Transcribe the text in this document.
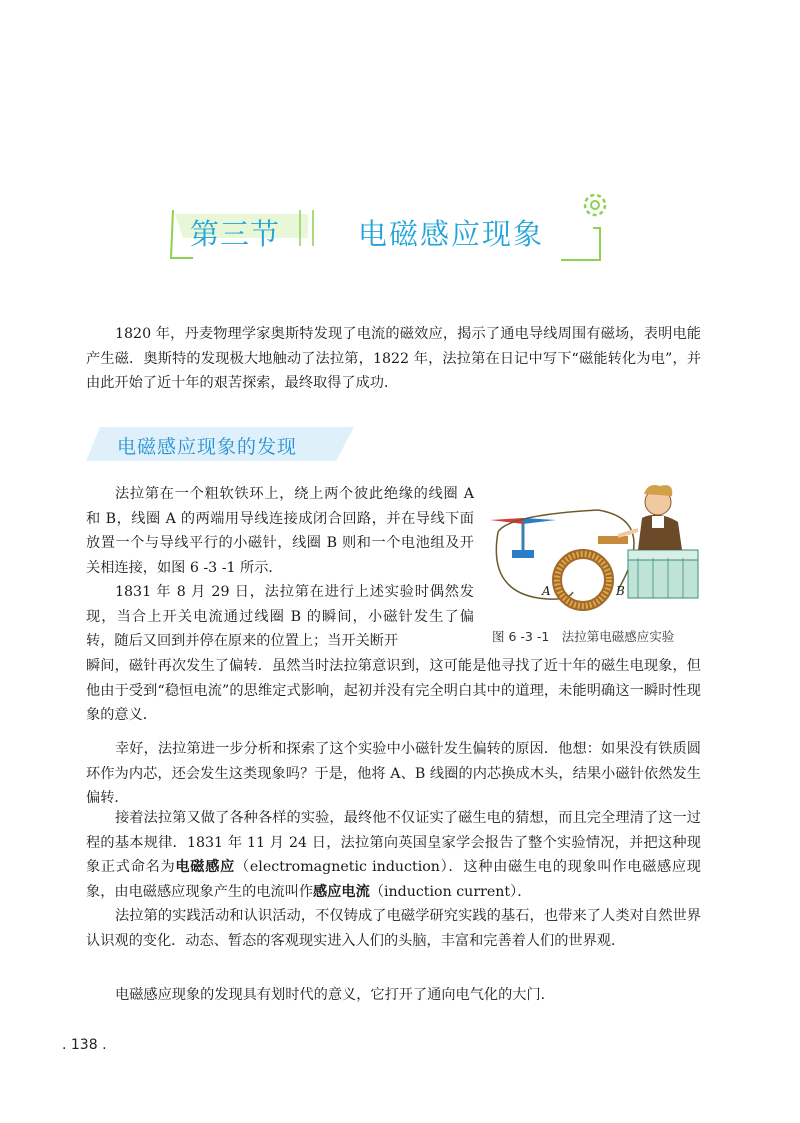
第三节	电磁感应现象

1820 年，丹麦物理学家奥斯特发现了电流的磁效应，揭示了通电导线周围有磁场，表明电能产生磁．奥斯特的发现极大地触动了法拉第，1822 年，法拉第在日记中写下“磁能转化为电”，并由此开始了近十年的艰苦探索，最终取得了成功．

电磁感应现象的发现

法拉第在一个粗软铁环上，绕上两个彼此绝缘的线圈 A 和 B，线圈 A 的两端用导线连接成闭合回路，并在导线下面放置一个与导线平行的小磁针，线圈 B 则和一个电池组及开关相连接，如图 6 -3 -1 所示．

1831 年 8 月 29 日，法拉第在进行上述实验时偶然发现，当合上开关电流通过线圈 B 的瞬间，小磁针发生了偏转，随后又回到并停在原来的位置上；当开关断开

A	B
图 6 -3 -1　法拉第电磁感应实验

瞬间，磁针再次发生了偏转．虽然当时法拉第意识到，这可能是他寻找了近十年的磁生电现象，但他由于受到“稳恒电流”的思维定式影响，起初并没有完全明白其中的道理，未能明确这一瞬时性现象的意义．

幸好，法拉第进一步分析和探索了这个实验中小磁针发生偏转的原因．他想：如果没有铁质圆环作为内芯，还会发生这类现象吗？于是，他将 A、B 线圈的内芯换成木头，结果小磁针依然发生偏转．

接着法拉第又做了各种各样的实验，最终他不仅证实了磁生电的猜想，而且完全理清了这一过程的基本规律．1831 年 11 月 24 日，法拉第向英国皇家学会报告了整个实验情况，并把这种现象正式命名为电磁感应（electromagnetic induction）．这种由磁生电的现象叫作电磁感应现象，由电磁感应现象产生的电流叫作感应电流（induction current）．

法拉第的实践活动和认识活动，不仅铸成了电磁学研究实践的基石，也带来了人类对自然世界认识观的变化．动态、暂态的客观现实进入人们的头脑，丰富和完善着人们的世界观．

电磁感应现象的发现具有划时代的意义，它打开了通向电气化的大门．

. 138 .
